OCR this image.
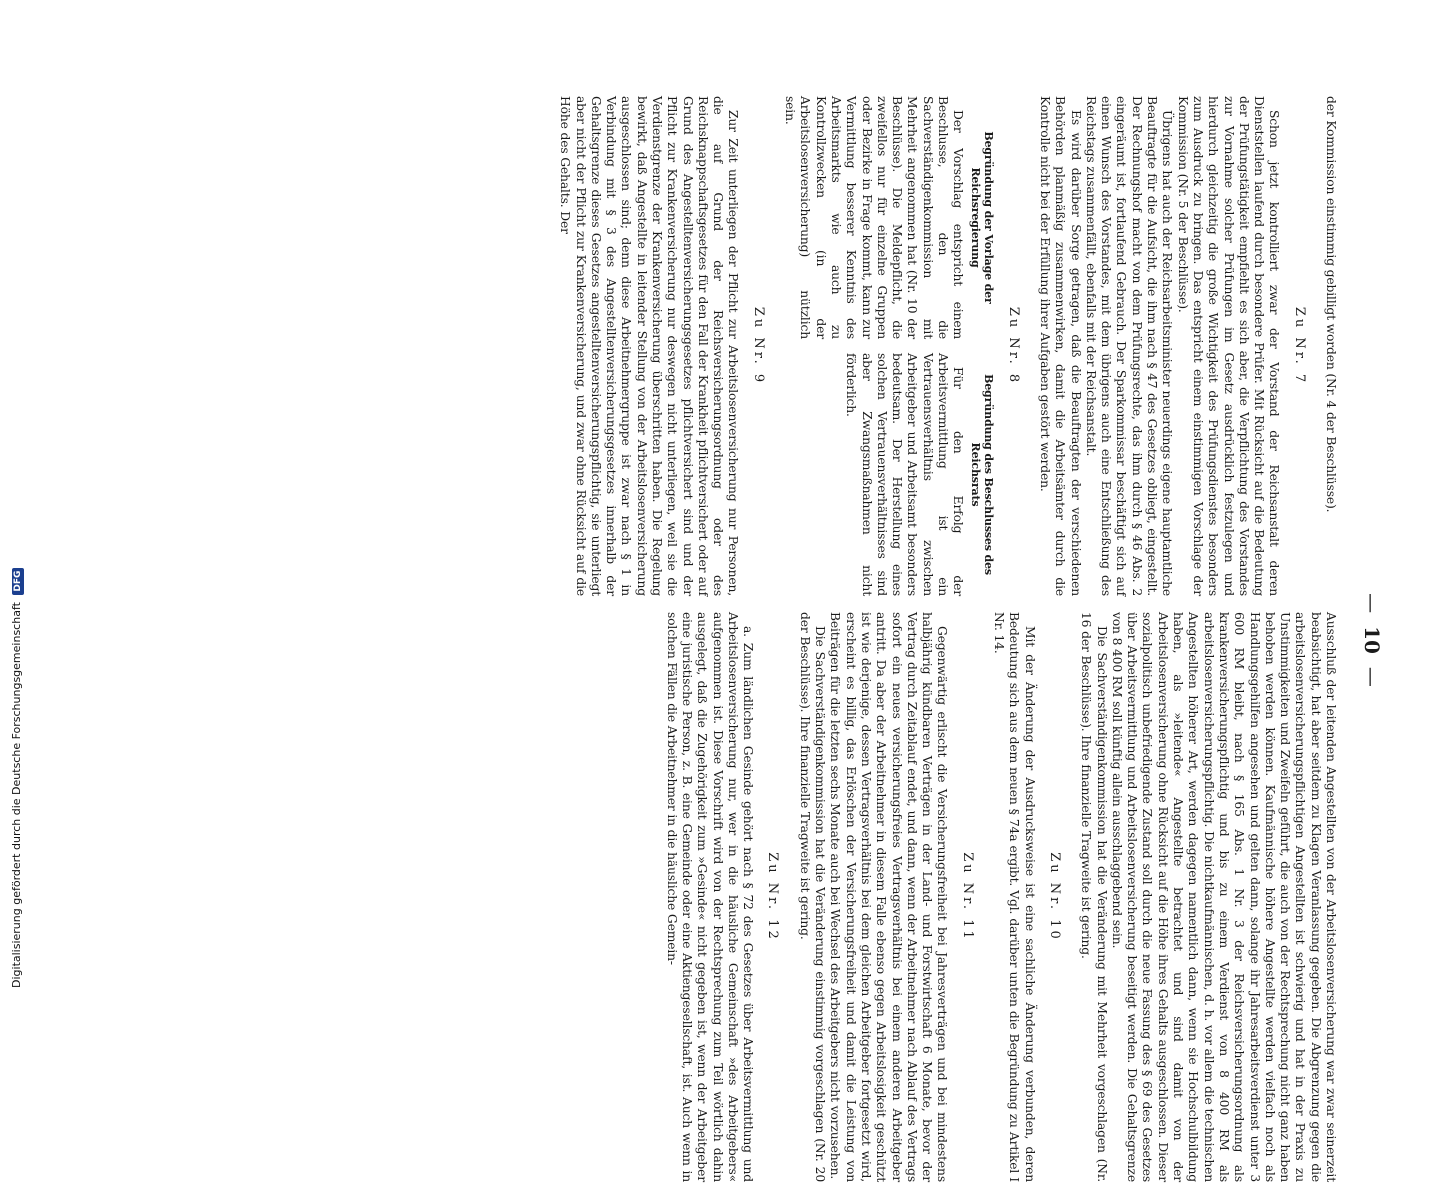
— 10 —

der Kommission einstimmig gebilligt worden (Nr. 4 der Beschlüsse).

Zu Nr. 7

Schon jetzt kontrolliert zwar der Vorstand der Reichsanstalt deren Dienststellen laufend durch besondere Prüfer. Mit Rücksicht auf die Bedeutung der Prüfungstätigkeit empfiehlt es sich aber, die Verpflichtung des Vorstandes zur Vornahme solcher Prüfungen im Gesetz ausdrücklich festzulegen und hierdurch gleichzeitig die große Wichtigkeit des Prüfungsdienstes besonders zum Ausdruck zu bringen. Das entspricht einem einstimmigen Vorschlage der Kommission (Nr. 5 der Beschlüsse).

Übrigens hat auch der Reichsarbeitsminister neuerdings eigene hauptamtliche Beauftragte für die Aufsicht, die ihm nach § 47 des Gesetzes obliegt, eingestellt. Der Rechnungshof macht von dem Prüfungsrechte, das ihm durch § 46 Abs. 2 eingeräumt ist, fortlaufend Gebrauch. Der Sparkommissar beschäftigt sich auf einen Wunsch des Vorstandes, mit dem übrigens auch eine Entschließung des Reichstags zusammenfällt, ebenfalls mit der Reichsanstalt.

Es wird darüber Sorge getragen, daß die Beauftragten der verschiedenen Behörden planmäßig zusammenwirken, damit die Arbeitsämter durch die Kontrolle nicht bei der Erfüllung ihrer Aufgaben gestört werden.

Zu Nr. 8
Begründung der Vorlage der Reichsregierung

Der Vorschlag entspricht einem Beschlusse, den die Sachverständigenkommission mit Mehrheit angenommen hat (Nr. 10 der Beschlüsse). Die Meldepflicht, die zweifellos nur für einzelne Gruppen oder Bezirke in Frage kommt, kann zur Vermittlung besserer Kenntnis des Arbeitsmarkts wie auch zu Kontrollzwecken (in der Arbeitslosenversicherung) nützlich sein.

Begründung des Beschlusses des Reichsrats

Für den Erfolg der Arbeitsvermittlung ist ein Vertrauensverhältnis zwischen Arbeitgeber und Arbeitsamt besonders bedeutsam. Der Herstellung eines solchen Vertrauensverhältnisses sind aber Zwangsmaßnahmen nicht förderlich.

Zu Nr. 9

Zur Zeit unterliegen der Pflicht zur Arbeitslosenversicherung nur Personen, die auf Grund der Reichsversicherungsordnung oder des Reichsknappschaftsgesetzes für den Fall der Krankheit pflichtversichert oder auf Grund des Angestelltenversicherungsgesetzes pflichtversichert sind und der Pflicht zur Krankenversicherung nur deswegen nicht unterliegen, weil sie die Verdienstgrenze der Krankenversicherung überschritten haben. Die Regelung bewirkt, daß Angestellte in leitender Stellung von der Arbeitslosenversicherung ausgeschlossen sind; denn diese Arbeitnehmergruppe ist zwar nach § 1 in Verbindung mit § 3 des Angestelltenversicherungsgesetzes innerhalb der Gehaltsgrenze dieses Gesetzes angestelltenversicherungspflichtig, sie unterliegt aber nicht der Pflicht zur Krankenversicherung, und zwar ohne Rücksicht auf die Höhe des Gehalts. Der

Ausschluß der leitenden Angestellten von der Arbeitslosenversicherung war zwar seinerzeit beabsichtigt, hat aber seitdem zu Klagen Veranlassung gegeben. Die Abgrenzung gegen die arbeitslosenversicherungspflichtigen Angestellten ist schwierig und hat in der Praxis zu Unstimmigkeiten und Zweifeln geführt, die auch von der Rechtsprechung nicht ganz haben behoben werden können. Kaufmännische höhere Angestellte werden vielfach noch als Handlungsgehilfen angesehen und gelten dann, solange ihr Jahresarbeitsverdienst unter 3 600 RM bleibt, nach § 165 Abs. 1 Nr. 3 der Reichsversicherungsordnung als krankenversicherungspflichtig und bis zu einem Verdienst von 8 400 RM als arbeitslosenversicherungspflichtig. Die nichtkaufmännischen, d. h. vor allem die technischen Angestellten höherer Art, werden dagegen namentlich dann, wenn sie Hochschulbildung haben, als »leitende« Angestellte betrachtet und sind damit von der Arbeitslosenversicherung ohne Rücksicht auf die Höhe ihres Gehalts ausgeschlossen. Dieser sozialpolitisch unbefriedigende Zustand soll durch die neue Fassung des § 69 des Gesetzes über Arbeitsvermittlung und Arbeitslosenversicherung beseitigt werden. Die Gehaltsgrenze von 8 400 RM soll künftig allein ausschlaggebend sein.

Die Sachverständigenkommission hat die Veränderung mit Mehrheit vorgeschlagen (Nr. 16 der Beschlüsse). Ihre finanzielle Tragweite ist gering.

Zu Nr. 10

Mit der Änderung der Ausdrucksweise ist eine sachliche Änderung verbunden, deren Bedeutung sich aus dem neuen § 74a ergibt. Vgl. darüber unten die Begründung zu Artikel I Nr. 14.

Zu Nr. 11

Gegenwärtig erlischt die Versicherungsfreiheit bei Jahresverträgen und bei mindestens halbjährig kündbaren Verträgen in der Land- und Forstwirtschaft 6 Monate, bevor der Vertrag durch Zeitablauf endet, und dann, wenn der Arbeitnehmer nach Ablauf des Vertrags sofort ein neues versicherungsfreies Vertragsverhältnis bei einem anderen Arbeitgeber antritt. Da aber der Arbeitnehmer in diesem Falle ebenso gegen Arbeitslosigkeit geschützt ist wie derjenige, dessen Vertragsverhältnis bei dem gleichen Arbeitgeber fortgesetzt wird, erscheint es billig, das Erlöschen der Versicherungsfreiheit und damit die Leistung von Beiträgen für die letzten sechs Monate auch bei Wechsel des Arbeitgebers nicht vorzusehen.

Die Sachverständigenkommission hat die Veränderung einstimmig vorgeschlagen (Nr. 20 der Beschlüsse). Ihre finanzielle Tragweite ist gering.

Zu Nr. 12

a. Zum ländlichen Gesinde gehört nach § 72 des Gesetzes über Arbeitsvermittlung und Arbeitslosenversicherung nur, wer in die häusliche Gemeinschaft »des Arbeitgebers« aufgenommen ist. Diese Vorschrift wird von der Rechtsprechung zum Teil wörtlich dahin ausgelegt, daß die Zugehörigkeit zum »Gesinde« nicht gegeben ist, wenn der Arbeitgeber eine juristische Person, z. B. eine Gemeinde oder eine Aktiengesellschaft, ist. Auch wenn in solchen Fällen die Arbeitnehmer in die häusliche Gemein-

Digitalisierung gefördert durch die Deutsche Forschungsgemeinschaft DFG
